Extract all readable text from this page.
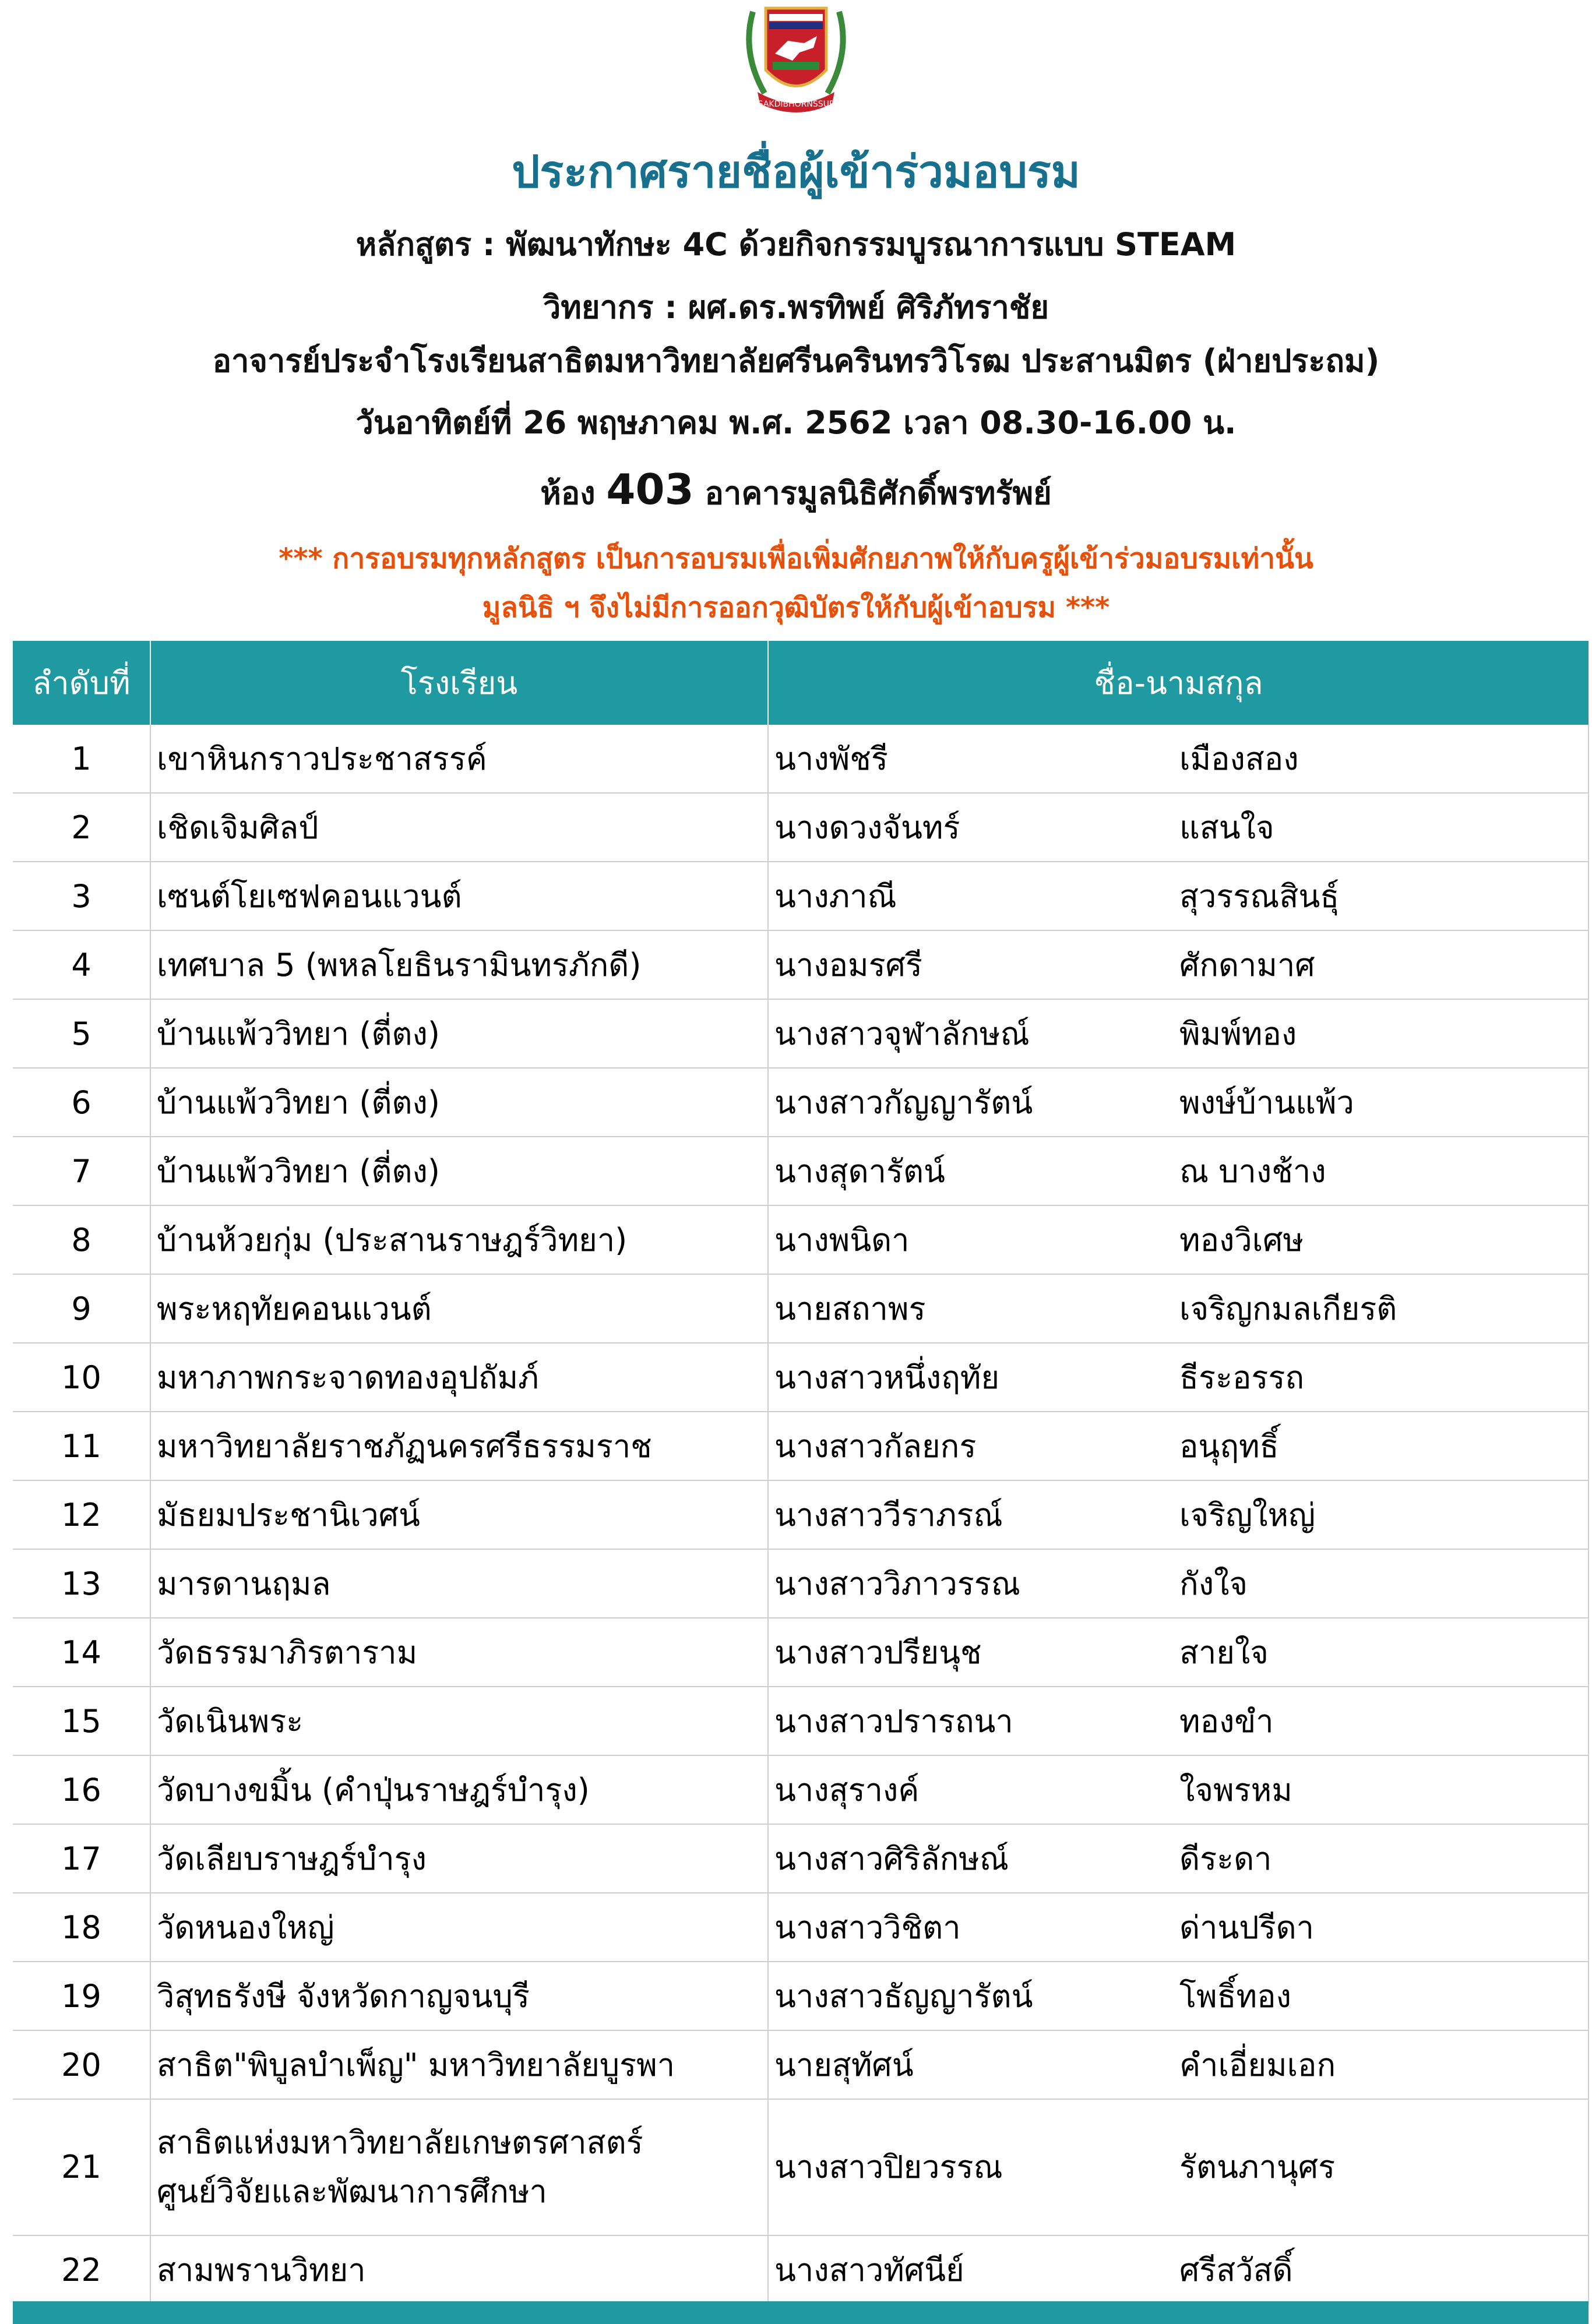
SAKDIBHORNSSUP
ประกาศรายชื่อผู้เข้าร่วมอบรม
หลักสูตร : พัฒนาทักษะ 4C ด้วยกิจกรรมบูรณาการแบบ STEAM
วิทยากร : ผศ.ดร.พรทิพย์ ศิริภัทราชัย
อาจารย์ประจำโรงเรียนสาธิตมหาวิทยาลัยศรีนครินทรวิโรฒ ประสานมิตร (ฝ่ายประถม)
วันอาทิตย์ที่ 26 พฤษภาคม พ.ศ. 2562 เวลา 08.30-16.00 น.
ห้อง 403 อาคารมูลนิธิศักดิ์พรทรัพย์
*** การอบรมทุกหลักสูตร เป็นการอบรมเพื่อเพิ่มศักยภาพให้กับครูผู้เข้าร่วมอบรมเท่านั้น
มูลนิธิ ฯ จึงไม่มีการออกวุฒิบัตรให้กับผู้เข้าอบรม ***
ลำดับที่	โรงเรียน	ชื่อ-นามสกุล	
1	เขาหินกราวประชาสรรค์	นางพัชรี	เมืองสอง
2	เชิดเจิมศิลป์	นางดวงจันทร์	แสนใจ
3	เซนต์โยเซฟคอนแวนต์	นางภาณี	สุวรรณสินธุ์
4	เทศบาล 5 (พหลโยธินรามินทรภักดี)	นางอมรศรี	ศักดามาศ
5	บ้านแพ้ววิทยา (ตี่ตง)	นางสาวจุฬาลักษณ์	พิมพ์ทอง
6	บ้านแพ้ววิทยา (ตี่ตง)	นางสาวกัญญารัตน์	พงษ์บ้านแพ้ว
7	บ้านแพ้ววิทยา (ตี่ตง)	นางสุดารัตน์	ณ บางช้าง
8	บ้านห้วยกุ่ม (ประสานราษฎร์วิทยา)	นางพนิดา	ทองวิเศษ
9	พระหฤทัยคอนแวนต์	นายสถาพร	เจริญกมลเกียรติ
10	มหาภาพกระจาดทองอุปถัมภ์	นางสาวหนึ่งฤทัย	ธีระอรรถ
11	มหาวิทยาลัยราชภัฏนครศรีธรรมราช	นางสาวกัลยกร	อนุฤทธิ์
12	มัธยมประชานิเวศน์	นางสาววีราภรณ์	เจริญใหญ่
13	มารดานฤมล	นางสาววิภาวรรณ	กังใจ
14	วัดธรรมาภิรตาราม	นางสาวปรียนุช	สายใจ
15	วัดเนินพระ	นางสาวปรารถนา	ทองขำ
16	วัดบางขมิ้น (คำปุ่นราษฎร์บำรุง)	นางสุรางค์	ใจพรหม
17	วัดเลียบราษฎร์บำรุง	นางสาวศิริลักษณ์	ดีระดา
18	วัดหนองใหญ่	นางสาววิชิตา	ด่านปรีดา
19	วิสุทธรังษี จังหวัดกาญจนบุรี	นางสาวธัญญารัตน์	โพธิ์ทอง
20	สาธิต"พิบูลบำเพ็ญ" มหาวิทยาลัยบูรพา	นายสุทัศน์	คำเอี่ยมเอก
21	สาธิตแห่งมหาวิทยาลัยเกษตรศาสตร์
ศูนย์วิจัยและพัฒนาการศึกษา	นางสาวปิยวรรณ	รัตนภานุศร
22	สามพรานวิทยา	นางสาวทัศนีย์	ศรีสวัสดิ์
